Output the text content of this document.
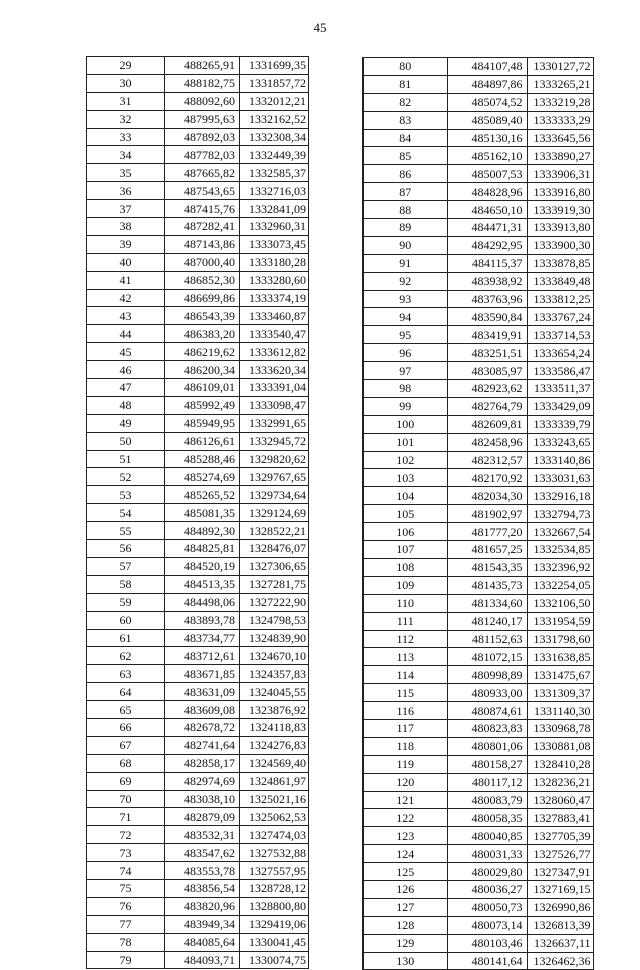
45
29	488265,91	1331699,35
30	488182,75	1331857,72
31	488092,60	1332012,21
32	487995,63	1332162,52
33	487892,03	1332308,34
34	487782,03	1332449,39
35	487665,82	1332585,37
36	487543,65	1332716,03
37	487415,76	1332841,09
38	487282,41	1332960,31
39	487143,86	1333073,45
40	487000,40	1333180,28
41	486852,30	1333280,60
42	486699,86	1333374,19
43	486543,39	1333460,87
44	486383,20	1333540,47
45	486219,62	1333612,82
46	486200,34	1333620,34
47	486109,01	1333391,04
48	485992,49	1333098,47
49	485949,95	1332991,65
50	486126,61	1332945,72
51	485288,46	1329820,62
52	485274,69	1329767,65
53	485265,52	1329734,64
54	485081,35	1329124,69
55	484892,30	1328522,21
56	484825,81	1328476,07
57	484520,19	1327306,65
58	484513,35	1327281,75
59	484498,06	1327222,90
60	483893,78	1324798,53
61	483734,77	1324839,90
62	483712,61	1324670,10
63	483671,85	1324357,83
64	483631,09	1324045,55
65	483609,08	1323876,92
66	482678,72	1324118,83
67	482741,64	1324276,83
68	482858,17	1324569,40
69	482974,69	1324861,97
70	483038,10	1325021,16
71	482879,09	1325062,53
72	483532,31	1327474,03
73	483547,62	1327532,88
74	483553,78	1327557,95
75	483856,54	1328728,12
76	483820,96	1328800,80
77	483949,34	1329419,06
78	484085,64	1330041,45
79	484093,71	1330074,75
80	484107,48	1330127,72
81	484897,86	1333265,21
82	485074,52	1333219,28
83	485089,40	1333333,29
84	485130,16	1333645,56
85	485162,10	1333890,27
86	485007,53	1333906,31
87	484828,96	1333916,80
88	484650,10	1333919,30
89	484471,31	1333913,80
90	484292,95	1333900,30
91	484115,37	1333878,85
92	483938,92	1333849,48
93	483763,96	1333812,25
94	483590,84	1333767,24
95	483419,91	1333714,53
96	483251,51	1333654,24
97	483085,97	1333586,47
98	482923,62	1333511,37
99	482764,79	1333429,09
100	482609,81	1333339,79
101	482458,96	1333243,65
102	482312,57	1333140,86
103	482170,92	1333031,63
104	482034,30	1332916,18
105	481902,97	1332794,73
106	481777,20	1332667,54
107	481657,25	1332534,85
108	481543,35	1332396,92
109	481435,73	1332254,05
110	481334,60	1332106,50
111	481240,17	1331954,59
112	481152,63	1331798,60
113	481072,15	1331638,85
114	480998,89	1331475,67
115	480933,00	1331309,37
116	480874,61	1331140,30
117	480823,83	1330968,78
118	480801,06	1330881,08
119	480158,27	1328410,28
120	480117,12	1328236,21
121	480083,79	1328060,47
122	480058,35	1327883,41
123	480040,85	1327705,39
124	480031,33	1327526,77
125	480029,80	1327347,91
126	480036,27	1327169,15
127	480050,73	1326990,86
128	480073,14	1326813,39
129	480103,46	1326637,11
130	480141,64	1326462,36
